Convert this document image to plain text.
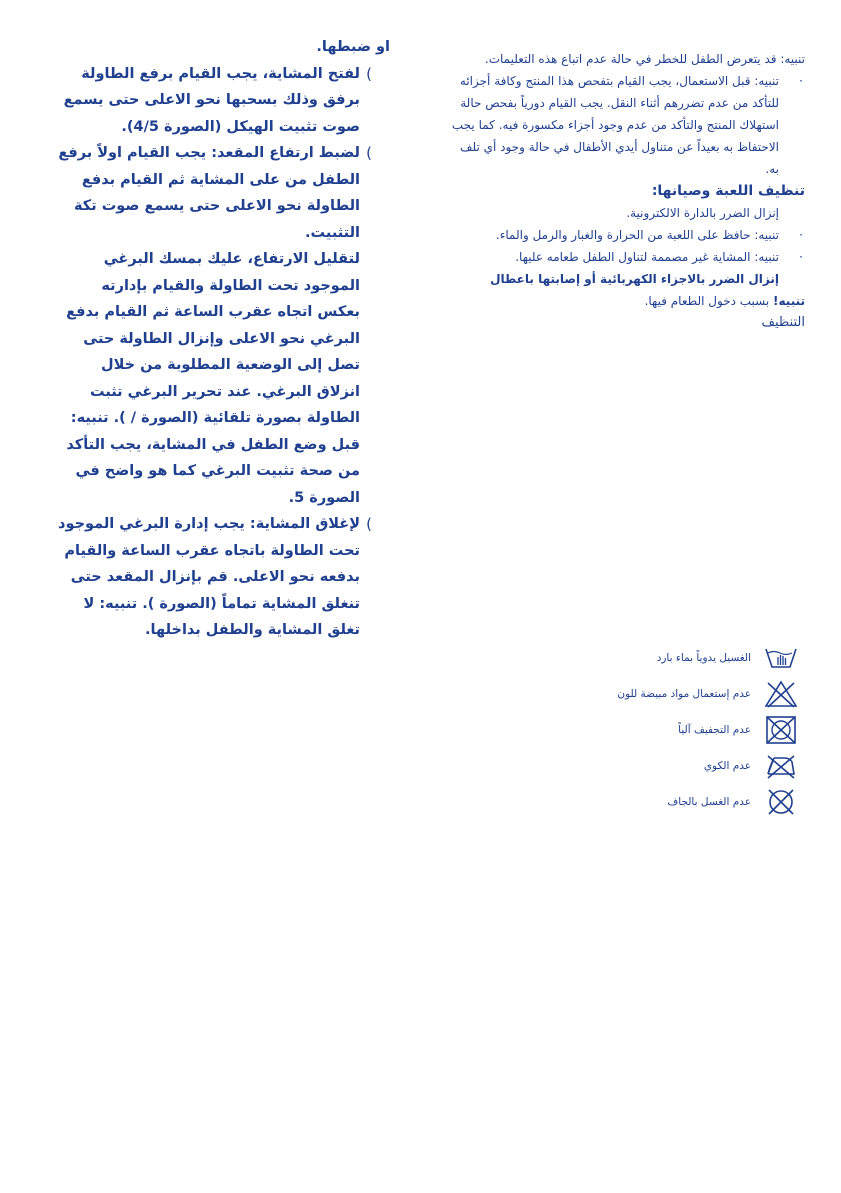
او ضبطها.

)

لفتح المشاية، يجب القيام برفع الطاولة برفق وذلك بسحبها نحو الاعلى حتى يسمع صوت تثبيت الهيكل (الصورة 4/5).

)

لضبط ارتفاع المقعد: يجب القيام اولاً برفع الطفل من على المشاية ثم القيام بدفع الطاولة نحو الاعلى حتى يسمع صوت تكة التثبيت.

لتقليل الارتفاع، عليك بمسك البرغي الموجود تحت الطاولة والقيام بإدارته بعكس اتجاه عقرب الساعة ثم القيام بدفع البرغي نحو الاعلى وإنزال الطاولة حتى تصل إلى الوضعية المطلوبة من خلال انزلاق البرغي. عند تحرير البرغي تثبت الطاولة بصورة تلقائية (الصورة / ). تنبيه: قبل وضع الطفل في المشاية، يجب التأكد من صحة تثبيت البرغي كما هو واضح في الصورة 5.

)

لإغلاق المشاية: يجب إدارة البرغي الموجود تحت الطاولة باتجاه عقرب الساعة والقيام بدفعه نحو الاعلى. قم بإنزال المقعد حتى تنغلق المشاية تماماً (الصورة ). تنبيه: لا تغلق المشاية والطفل بداخلها.

تنبيه: قد يتعرض الطفل للخطر في حالة عدم اتباع هذه التعليمات.

·

تنبيه: قبل الاستعمال، يجب القيام بتفحص هذا المنتج وكافة أجزائه للتأكد من عدم تضررهم أثناء النقل. يجب القيام دورياً بفحص حالة استهلاك المنتج والتأكد من عدم وجود أجزاء مكسورة فيه. كما يجب الاحتفاظ به بعيداً عن متناول أيدي الأطفال في حالة وجود أي تلف به.

تنظيف اللعبة وصيانها:

إنزال الضرر بالدارة الالكترونية.

·

تنبيه: حافظ على اللعبة من الحرارة والغبار والرمل والماء.

·

تنبيه: المشاية غير مصممة لتناول الطفل طعامه عليها.

إنزال الضرر بالاجزاء الكهربائية أو إصابتها باعطال

تنبيه! بسبب دخول الطعام فيها.

التنظيف

الغسيل يدوياً بماء بارد
عدم إستعمال مواد مبيضة للون
عدم التجفيف آلياً
عدم الكوي
عدم الغسل بالجاف
